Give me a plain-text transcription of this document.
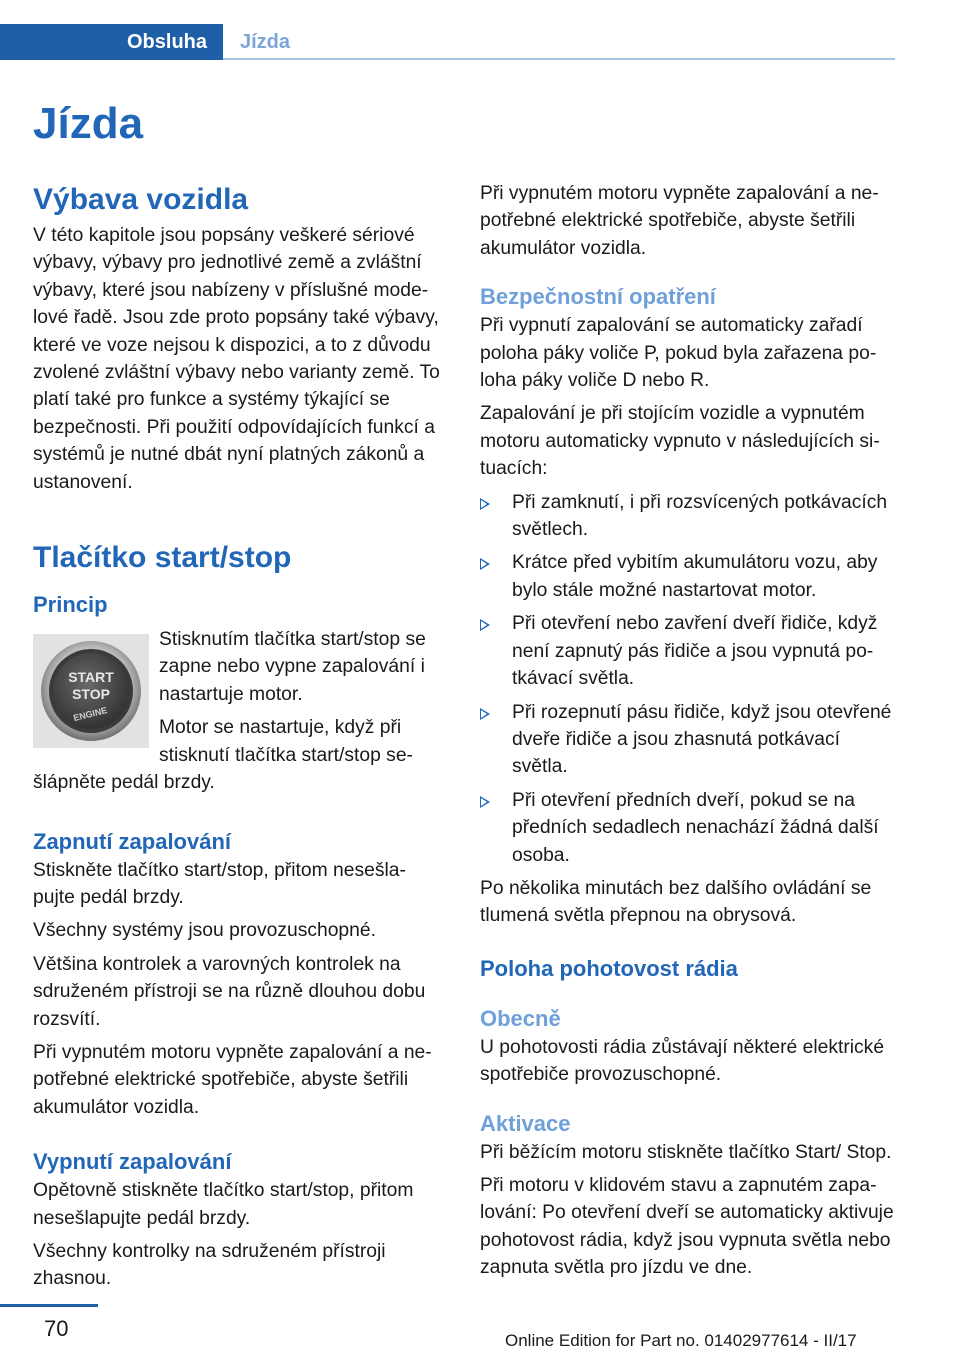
Obsluha	Jízda
Jízda
Výbava vozidla

V této kapitole jsou popsány veškeré sériové výbavy, výbavy pro jednotlivé země a zvláštní výbavy, které jsou nabízeny v příslušné modelové řadě. Jsou zde proto popsány také výbavy, které ve voze nejsou k dispozici, a to z důvodu zvolené zvláštní výbavy nebo varianty země. To platí také pro funkce a systémy týkající se bezpečnosti. Při použití odpovídajících funkcí a systémů je nutné dbát nyní platných zákonů a ustanovení.

Tlačítko start/stop
Princip
START
STOP
ENGINE

Stisknutím tlačítka start/stop se zapne nebo vypne zapalování i nastartuje motor.

Motor se nastartuje, když při stisknutí tlačítka start/stop sešlápněte pedál brzdy.

Zapnutí zapalování

Stiskněte tlačítko start/stop, přitom nesešlapujte pedál brzdy.

Všechny systémy jsou provozuschopné.

Většina kontrolek a varovných kontrolek na sdruženém přístroji se na různě dlouhou dobu rozsvítí.

Při vypnutém motoru vypněte zapalování a nepotřebné elektrické spotřebiče, abyste šetřili akumulátor vozidla.

Vypnutí zapalování

Opětovně stiskněte tlačítko start/stop, přitom nesešlapujte pedál brzdy.

Všechny kontrolky na sdruženém přístroji zhasnou.

Při vypnutém motoru vypněte zapalování a nepotřebné elektrické spotřebiče, abyste šetřili akumulátor vozidla.

Bezpečnostní opatření

Při vypnutí zapalování se automaticky zařadí poloha páky voliče P, pokud byla zařazena poloha páky voliče D nebo R.

Zapalování je při stojícím vozidle a vypnutém motoru automaticky vypnuto v následujících situacích:

Při zamknutí, i při rozsvícených potkávacích světlech.
Krátce před vybitím akumulátoru vozu, aby bylo stále možné nastartovat motor.
Při otevření nebo zavření dveří řidiče, když není zapnutý pás řidiče a jsou vypnutá potkávací světla.
Při rozepnutí pásu řidiče, když jsou otevřené dveře řidiče a jsou zhasnutá potkávací světla.
Při otevření předních dveří, pokud se na předních sedadlech nenachází žádná další osoba.

Po několika minutách bez dalšího ovládání se tlumená světla přepnou na obrysová.

Poloha pohotovost rádia
Obecně

U pohotovosti rádia zůstávají některé elektrické spotřebiče provozuschopné.

Aktivace

Při běžícím motoru stiskněte tlačítko Start/ Stop.

Při motoru v klidovém stavu a zapnutém zapalování: Po otevření dveří se automaticky aktivuje pohotovost rádia, když jsou vypnuta světla nebo zapnuta světla pro jízdu ve dne.

70	Online Edition for Part no. 01402977614 - II/17
